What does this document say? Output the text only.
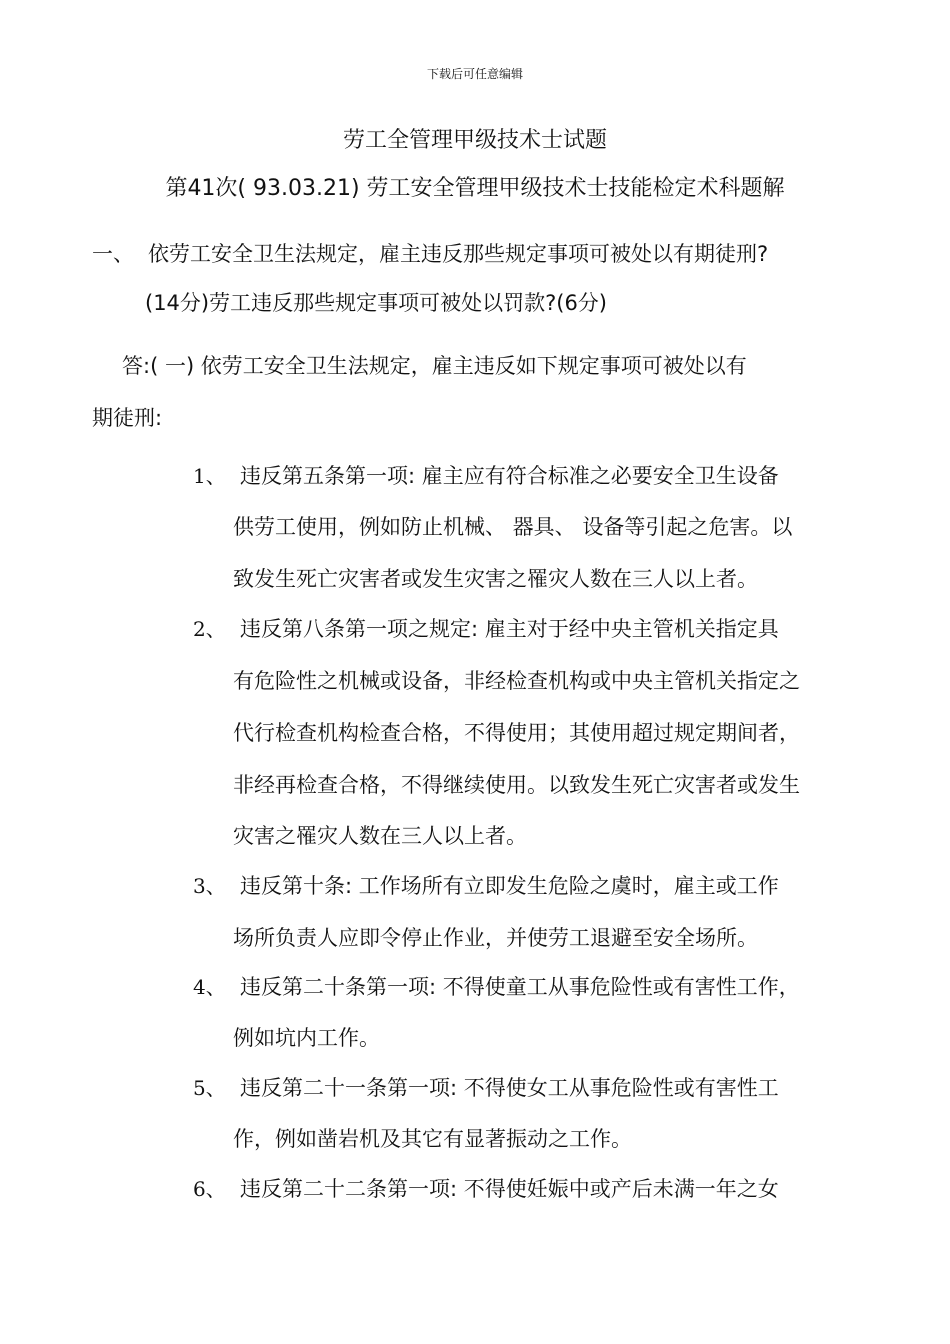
下载后可任意编辑
劳工全管理甲级技术士试题
第41次( 93.03.21) 劳工安全管理甲级技术士技能检定术科题解
一、 依劳工安全卫生法规定，雇主违反那些规定事项可被处以有期徒刑?
(14分)劳工违反那些规定事项可被处以罚款?(6分)
答:( 一) 依劳工安全卫生法规定，雇主违反如下规定事项可被处以有
期徒刑:
1、 违反第五条第一项: 雇主应有符合标准之必要安全卫生设备
供劳工使用，例如防止机械、 器具、 设备等引起之危害。以
致发生死亡灾害者或发生灾害之罹灾人数在三人以上者。
2、 违反第八条第一项之规定: 雇主对于经中央主管机关指定具
有危险性之机械或设备，非经检查机构或中央主管机关指定之
代行检查机构检查合格，不得使用；其使用超过规定期间者，
非经再检查合格，不得继续使用。以致发生死亡灾害者或发生
灾害之罹灾人数在三人以上者。
3、 违反第十条: 工作场所有立即发生危险之虞时，雇主或工作
场所负责人应即令停止作业，并使劳工退避至安全场所。
4、 违反第二十条第一项: 不得使童工从事危险性或有害性工作，
例如坑内工作。
5、 违反第二十一条第一项: 不得使女工从事危险性或有害性工
作，例如凿岩机及其它有显著振动之工作。
6、 违反第二十二条第一项: 不得使妊娠中或产后未满一年之女
